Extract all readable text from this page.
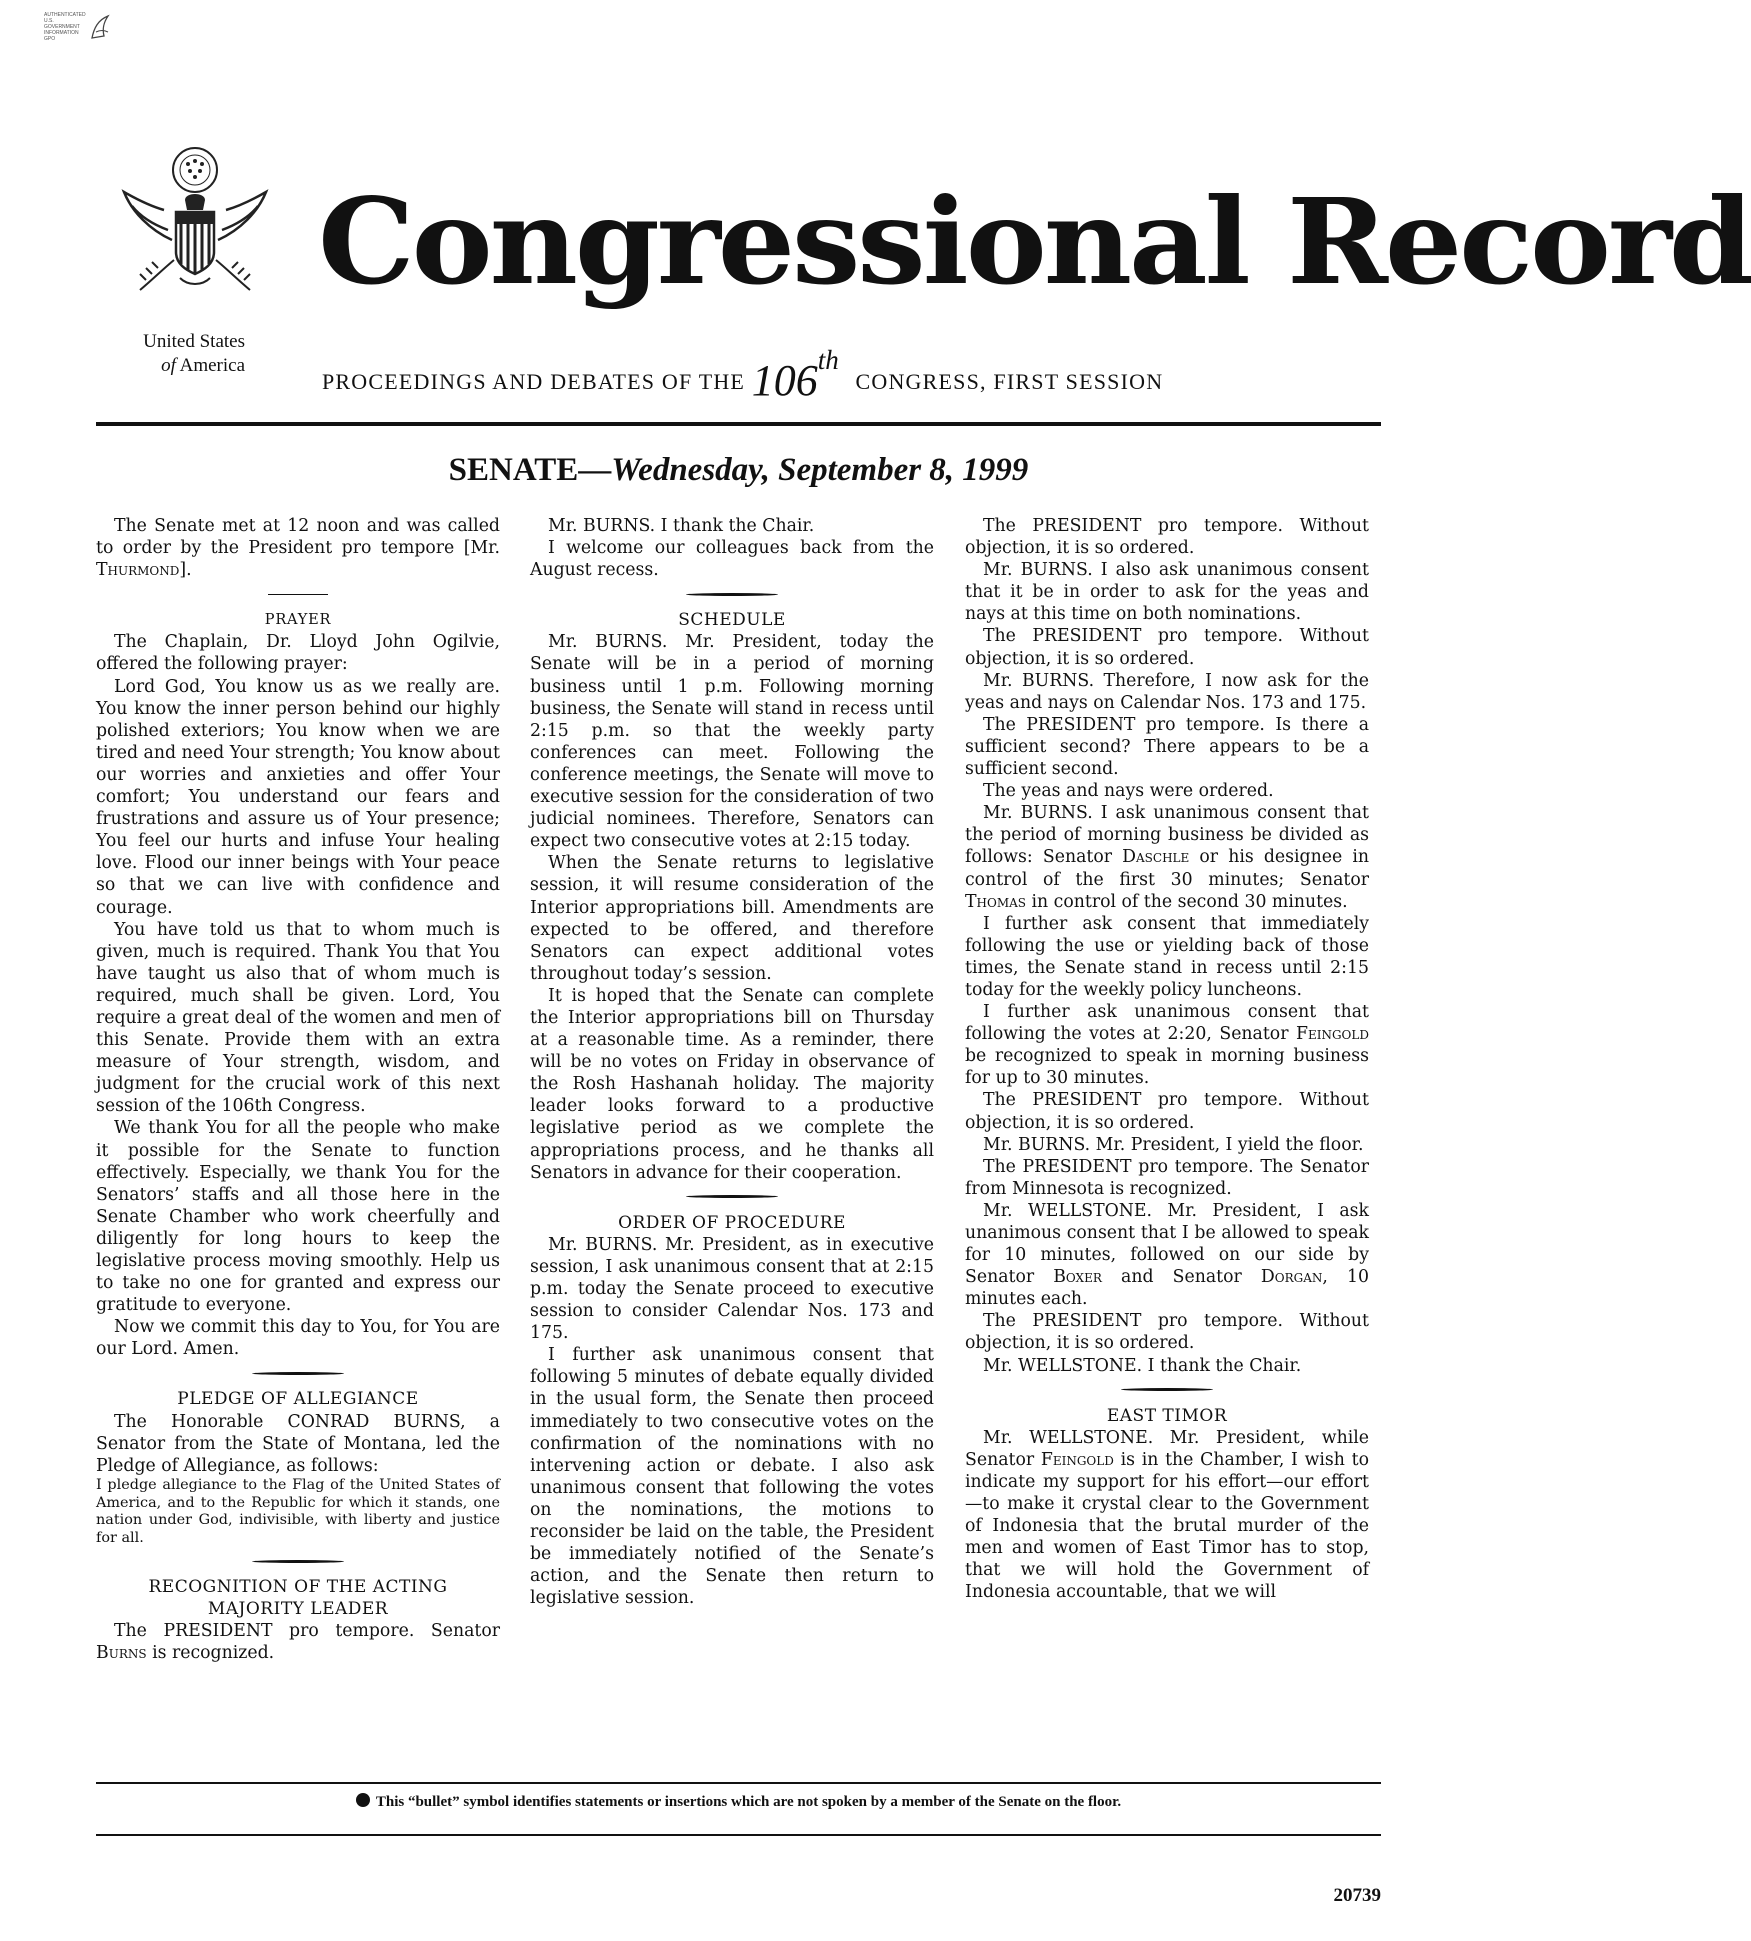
AUTHENTICATED
U.S. GOVERNMENT
INFORMATION
GPO
United States
of America
Congressional Record
PROCEEDINGS AND DEBATES OF THE 106th CONGRESS, FIRST SESSION
SENATE—Wednesday, September 8, 1999

The Senate met at 12 noon and was called to order by the President pro tempore [Mr. Thurmond].

PRAYER

The Chaplain, Dr. Lloyd John Ogilvie, offered the following prayer:

Lord God, You know us as we really are. You know the inner person behind our highly polished exteriors; You know when we are tired and need Your strength; You know about our worries and anxieties and offer Your comfort; You understand our fears and frustrations and assure us of Your presence; You feel our hurts and infuse Your healing love. Flood our inner beings with Your peace so that we can live with confidence and courage.

You have told us that to whom much is given, much is required. Thank You that You have taught us also that of whom much is required, much shall be given. Lord, You require a great deal of the women and men of this Senate. Provide them with an extra measure of Your strength, wisdom, and judgment for the crucial work of this next session of the 106th Congress.

We thank You for all the people who make it possible for the Senate to function effectively. Especially, we thank You for the Senators’ staffs and all those here in the Senate Chamber who work cheerfully and diligently for long hours to keep the legislative process moving smoothly. Help us to take no one for granted and express our gratitude to everyone.

Now we commit this day to You, for You are our Lord. Amen.

PLEDGE OF ALLEGIANCE

The Honorable CONRAD BURNS, a Senator from the State of Montana, led the Pledge of Allegiance, as follows:

I pledge allegiance to the Flag of the United States of America, and to the Republic for which it stands, one nation under God, indivisible, with liberty and justice for all.

RECOGNITION OF THE ACTING MAJORITY LEADER

The PRESIDENT pro tempore. Senator Burns is recognized.

Mr. BURNS. I thank the Chair.

I welcome our colleagues back from the August recess.

SCHEDULE

Mr. BURNS. Mr. President, today the Senate will be in a period of morning business until 1 p.m. Following morning business, the Senate will stand in recess until 2:15 p.m. so that the weekly party conferences can meet. Following the conference meetings, the Senate will move to executive session for the consideration of two judicial nominees. Therefore, Senators can expect two consecutive votes at 2:15 today.

When the Senate returns to legislative session, it will resume consideration of the Interior appropriations bill. Amendments are expected to be offered, and therefore Senators can expect additional votes throughout today’s session.

It is hoped that the Senate can complete the Interior appropriations bill on Thursday at a reasonable time. As a reminder, there will be no votes on Friday in observance of the Rosh Hashanah holiday. The majority leader looks forward to a productive legislative period as we complete the appropriations process, and he thanks all Senators in advance for their cooperation.

ORDER OF PROCEDURE

Mr. BURNS. Mr. President, as in executive session, I ask unanimous consent that at 2:15 p.m. today the Senate proceed to executive session to consider Calendar Nos. 173 and 175.

I further ask unanimous consent that following 5 minutes of debate equally divided in the usual form, the Senate then proceed immediately to two consecutive votes on the confirmation of the nominations with no intervening action or debate. I also ask unanimous consent that following the votes on the nominations, the motions to reconsider be laid on the table, the President be immediately notified of the Senate’s action, and the Senate then return to legislative session.

The PRESIDENT pro tempore. Without objection, it is so ordered.

Mr. BURNS. I also ask unanimous consent that it be in order to ask for the yeas and nays at this time on both nominations.

The PRESIDENT pro tempore. Without objection, it is so ordered.

Mr. BURNS. Therefore, I now ask for the yeas and nays on Calendar Nos. 173 and 175.

The PRESIDENT pro tempore. Is there a sufficient second? There appears to be a sufficient second.

The yeas and nays were ordered.

Mr. BURNS. I ask unanimous consent that the period of morning business be divided as follows: Senator Daschle or his designee in control of the first 30 minutes; Senator Thomas in control of the second 30 minutes.

I further ask consent that immediately following the use or yielding back of those times, the Senate stand in recess until 2:15 today for the weekly policy luncheons.

I further ask unanimous consent that following the votes at 2:20, Senator Feingold be recognized to speak in morning business for up to 30 minutes.

The PRESIDENT pro tempore. Without objection, it is so ordered.

Mr. BURNS. Mr. President, I yield the floor.

The PRESIDENT pro tempore. The Senator from Minnesota is recognized.

Mr. WELLSTONE. Mr. President, I ask unanimous consent that I be allowed to speak for 10 minutes, followed on our side by Senator Boxer and Senator Dorgan, 10 minutes each.

The PRESIDENT pro tempore. Without objection, it is so ordered.

Mr. WELLSTONE. I thank the Chair.

EAST TIMOR

Mr. WELLSTONE. Mr. President, while Senator Feingold is in the Chamber, I wish to indicate my support for his effort—our effort—to make it crystal clear to the Government of Indonesia that the brutal murder of the men and women of East Timor has to stop, that we will hold the Government of Indonesia accountable, that we will

This “bullet” symbol identifies statements or insertions which are not spoken by a member of the Senate on the floor.
20739
